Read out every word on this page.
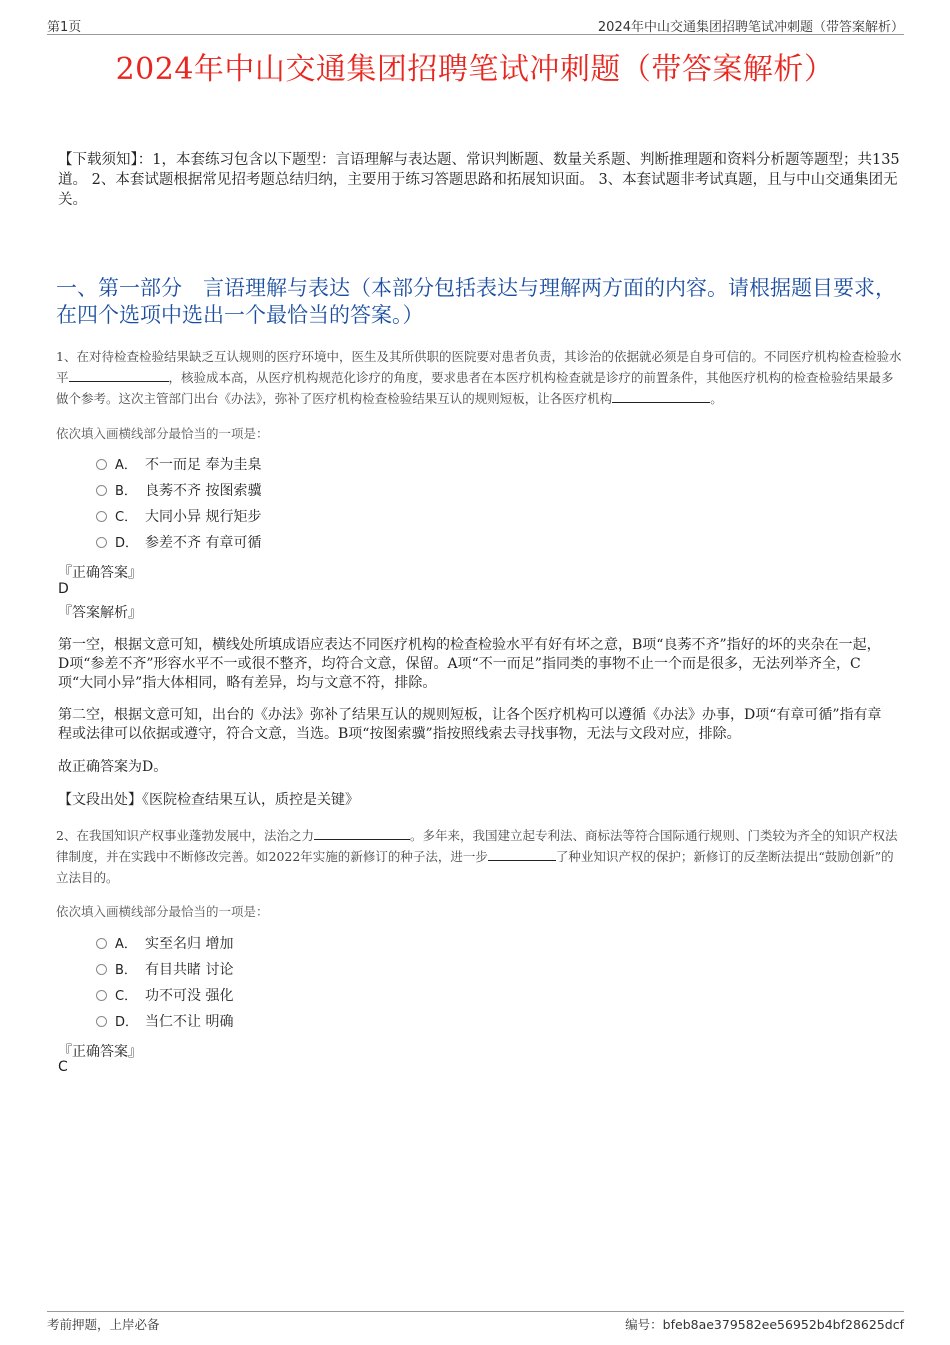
第1页	2024年中山交通集团招聘笔试冲刺题（带答案解析）
2024年中山交通集团招聘笔试冲刺题（带答案解析）
【下载须知】：1，本套练习包含以下题型：言语理解与表达题、常识判断题、数量关系题、判断推理题和资料分析题等题型；共135道。 2、本套试题根据常见招考题总结归纳，主要用于练习答题思路和拓展知识面。 3、本套试题非考试真题，且与中山交通集团无关。
一、第一部分　言语理解与表达（本部分包括表达与理解两方面的内容。请根据题目要求，在四个选项中选出一个最恰当的答案。）
1、在对待检查检验结果缺乏互认规则的医疗环境中，医生及其所供职的医院要对患者负责，其诊治的依据就必须是自身可信的。不同医疗机构检查检验水平	，核验成本高，从医疗机构规范化诊疗的角度，要求患者在本医疗机构检查就是诊疗的前置条件，其他医疗机构的检查检验结果最多做个参考。这次主管部门出台《办法》，弥补了医疗机构检查检验结果互认的规则短板，让各医疗机构	。
依次填入画横线部分最恰当的一项是：
A． 不一而足 奉为圭臬
B． 良莠不齐 按图索骥
C． 大同小异 规行矩步
D． 参差不齐 有章可循
『正确答案』
D
『答案解析』
第一空，根据文意可知，横线处所填成语应表达不同医疗机构的检查检验水平有好有坏之意，B项“良莠不齐”指好的坏的夹杂在一起，D项“参差不齐”形容水平不一或很不整齐，均符合文意，保留。A项“不一而足”指同类的事物不止一个而是很多，无法列举齐全，C项“大同小异”指大体相同，略有差异，均与文意不符，排除。
第二空，根据文意可知，出台的《办法》弥补了结果互认的规则短板，让各个医疗机构可以遵循《办法》办事，D项“有章可循”指有章程或法律可以依据或遵守，符合文意，当选。B项“按图索骥”指按照线索去寻找事物，无法与文段对应，排除。
故正确答案为D。
【文段出处】《医院检查结果互认，质控是关键》
2、在我国知识产权事业蓬勃发展中，法治之力	。多年来，我国建立起专利法、商标法等符合国际通行规则、门类较为齐全的知识产权法律制度，并在实践中不断修改完善。如2022年实施的新修订的种子法，进一步	了种业知识产权的保护；新修订的反垄断法提出“鼓励创新”的立法目的。
依次填入画横线部分最恰当的一项是：
A． 实至名归 增加
B． 有目共睹 讨论
C． 功不可没 强化
D． 当仁不让 明确
『正确答案』
C
考前押题，上岸必备	编号：bfeb8ae379582ee56952b4bf28625dcf
